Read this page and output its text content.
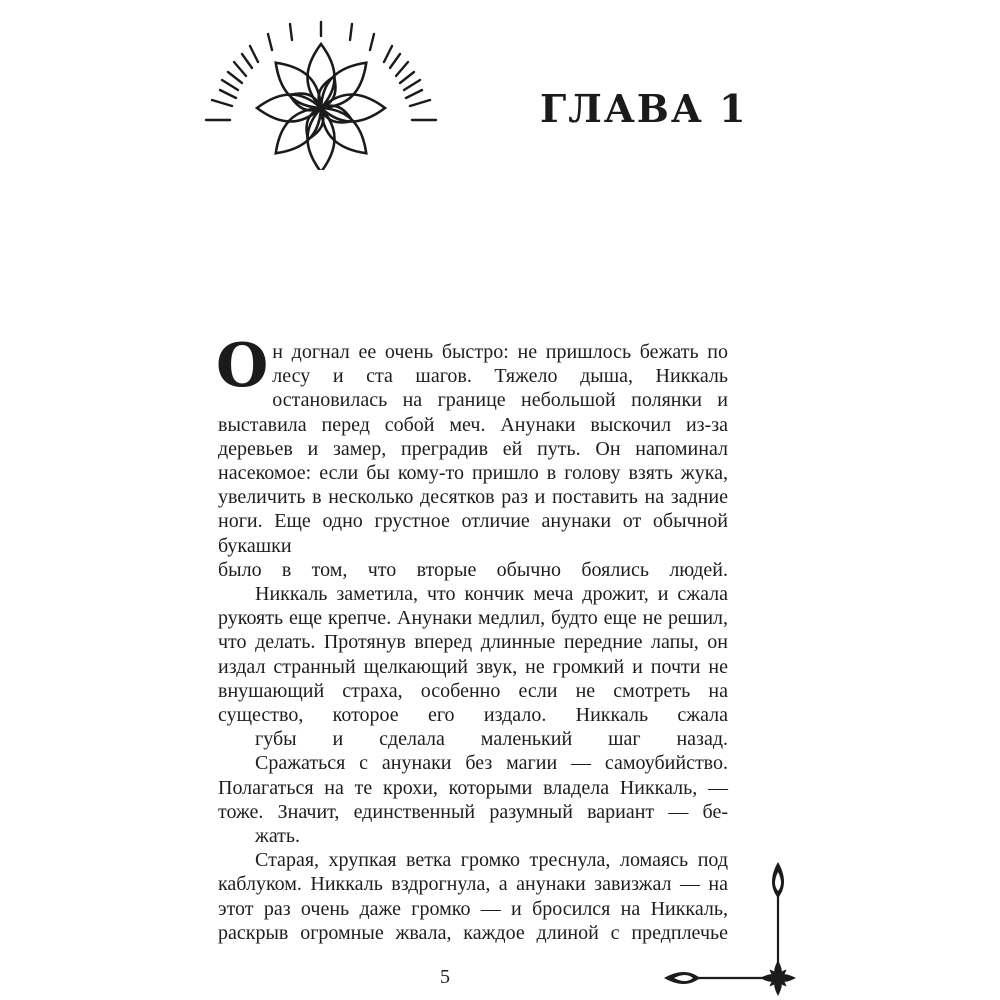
ГЛАВА 1

Он догнал ее очень быстро: не пришлось бежать по лесу и ста шагов. Тяжело дыша, Никкаль остановилась на границе небольшой полянки и выставила перед собой меч. Анунаки выскочил из-за деревьев и замер, преградив ей путь. Он напоминал насекомое: если бы кому-то пришло в голову взять жука, увеличить в несколько десятков раз и поставить на задние ноги. Еще одно грустное отличие анунаки от обычной букашки
было в том, что вторые обычно боялись людей.

Никкаль заметила, что кончик меча дрожит, и сжала рукоять еще крепче. Анунаки медлил, будто еще не решил, что делать. Протянув вперед длинные передние лапы, он издал странный щелкающий звук, не громкий и почти не внушающий страха, особенно если не смотреть на существо, которое его издало. Никкаль сжала
губы и сделала маленький шаг назад.

Сражаться с анунаки без магии — самоубийство. Полагаться на те крохи, которыми владела Никкаль, — тоже. Значит, единственный разумный вариант — бе-
жать.

Старая, хрупкая ветка громко треснула, ломаясь под каблуком. Никкаль вздрогнула, а анунаки завизжал — на этот раз очень даже громко — и бросился на Никкаль, раскрыв огромные жвала, каждое длиной с предплечье

5
